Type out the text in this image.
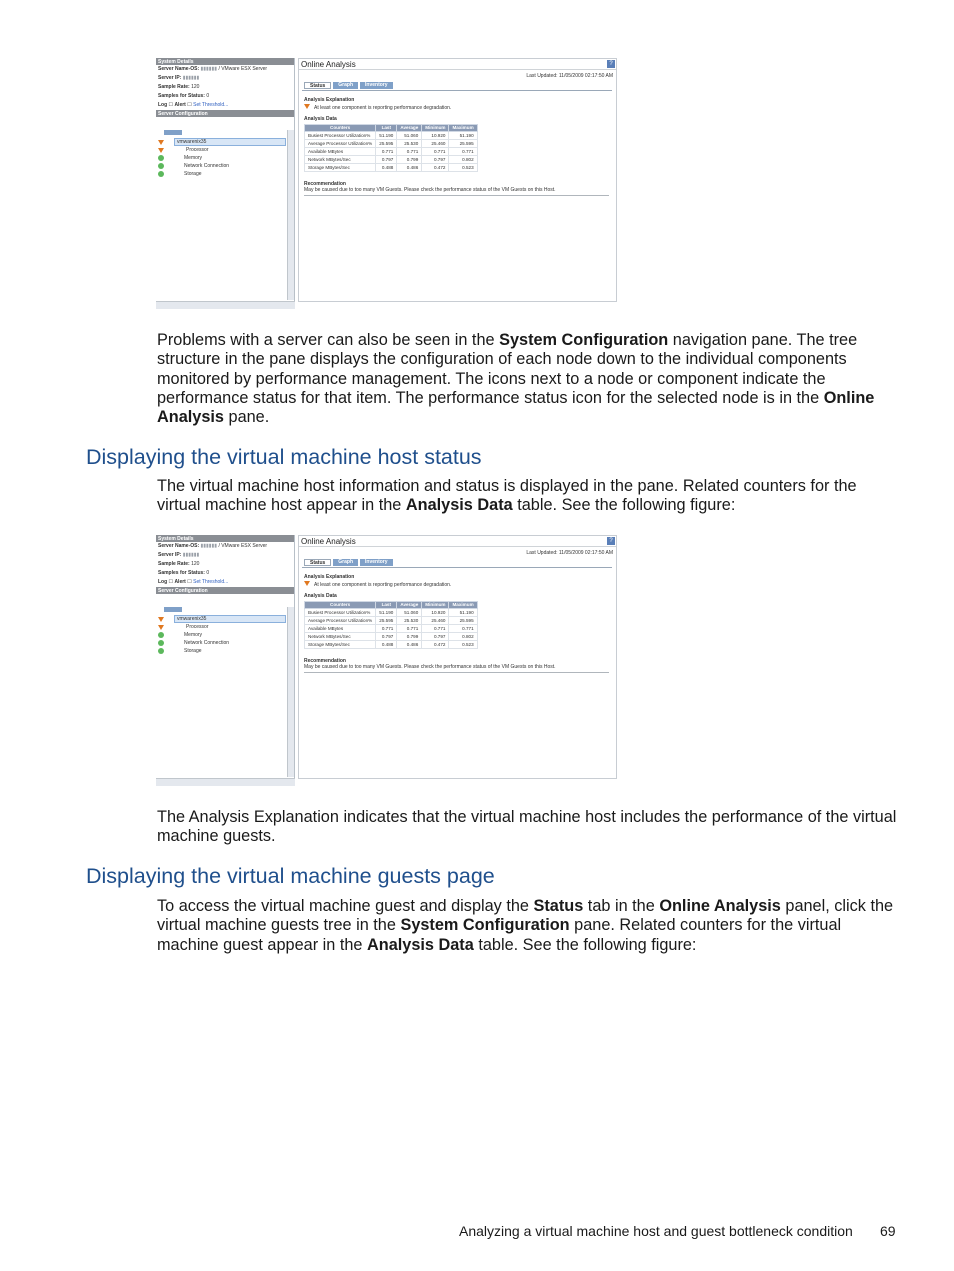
System Details
Server Name-OS: ▮▮▮▮▮▮ / VMware ESX Server
Server IP: ▮▮▮▮▮▮
Sample Rate: 120
Samples for Status: 0
Log ☐ Alert ☐ Set Threshold...
Server Configuration
vmwarenix35
Processor
Memory
Network Connection
Storage
Online Analysis	?
Last Updated: 11/05/2009 02:17:50 AM
Status	Graph	Inventory
Analysis Explanation
At least one component is reporting performance degradation.
Analysis Data
Counters	Last	Average	Minimum	Maximum
Busiest Processor Utilization%	51.190	51.060	10.920	51.190
Average Processor Utilization%	25.595	25.530	25.460	25.595
Available MBytes	0.771	0.771	0.771	0.771
Network MBytes/Sec	0.797	0.799	0.797	0.802
Storage MBytes/Sec	0.488	0.486	0.472	0.523
Recommendation
May be caused due to too many VM Guests. Please check the performance status of the VM Guests on this Host.

Problems with a server can also be seen in the System Configuration navigation pane. The tree structure in the pane displays the configuration of each node down to the individual components monitored by performance management. The icons next to a node or component indicate the performance status for that item. The performance status icon for the selected node is in the Online Analysis pane.

Displaying the virtual machine host status

The virtual machine host information and status is displayed in the pane. Related counters for the virtual machine host appear in the Analysis Data table. See the following figure:

System Details
Server Name-OS: ▮▮▮▮▮▮ / VMware ESX Server
Server IP: ▮▮▮▮▮▮
Sample Rate: 120
Samples for Status: 0
Log ☐ Alert ☐ Set Threshold...
Server Configuration
vmwarenix35
Processor
Memory
Network Connection
Storage
Online Analysis	?
Last Updated: 11/05/2009 02:17:50 AM
Status	Graph	Inventory
Analysis Explanation
At least one component is reporting performance degradation.
Analysis Data
Counters	Last	Average	Minimum	Maximum
Busiest Processor Utilization%	51.190	51.060	10.920	51.190
Average Processor Utilization%	25.595	25.530	25.460	25.595
Available MBytes	0.771	0.771	0.771	0.771
Network MBytes/Sec	0.797	0.799	0.797	0.802
Storage MBytes/Sec	0.488	0.486	0.472	0.523
Recommendation
May be caused due to too many VM Guests. Please check the performance status of the VM Guests on this Host.

The Analysis Explanation indicates that the virtual machine host includes the performance of the virtual machine guests.

Displaying the virtual machine guests page

To access the virtual machine guest and display the Status tab in the Online Analysis panel, click the virtual machine guests tree in the System Configuration pane. Related counters for the virtual machine guest appear in the Analysis Data table. See the following figure:

Analyzing a virtual machine host and guest bottleneck condition 69
